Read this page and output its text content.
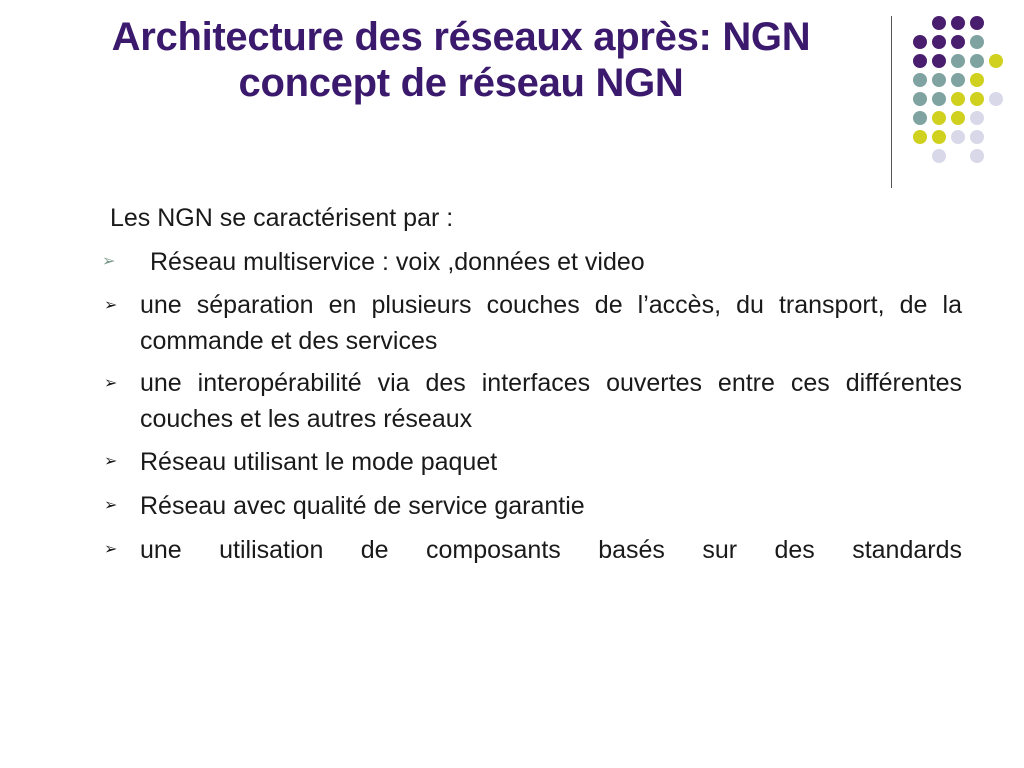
Architecture des réseaux après: NGN
concept de réseau NGN
Les NGN se caractérisent par :
➢	Réseau multiservice : voix ,données et video
➢ une séparation en plusieurs couches de l’accès, du transport, de la commande et des services
➢ une interopérabilité via des interfaces ouvertes entre ces différentes couches et les autres réseaux
➢ Réseau utilisant le mode paquet
➢ Réseau avec qualité de service garantie
➢ une utilisation de composants basés sur des standards
